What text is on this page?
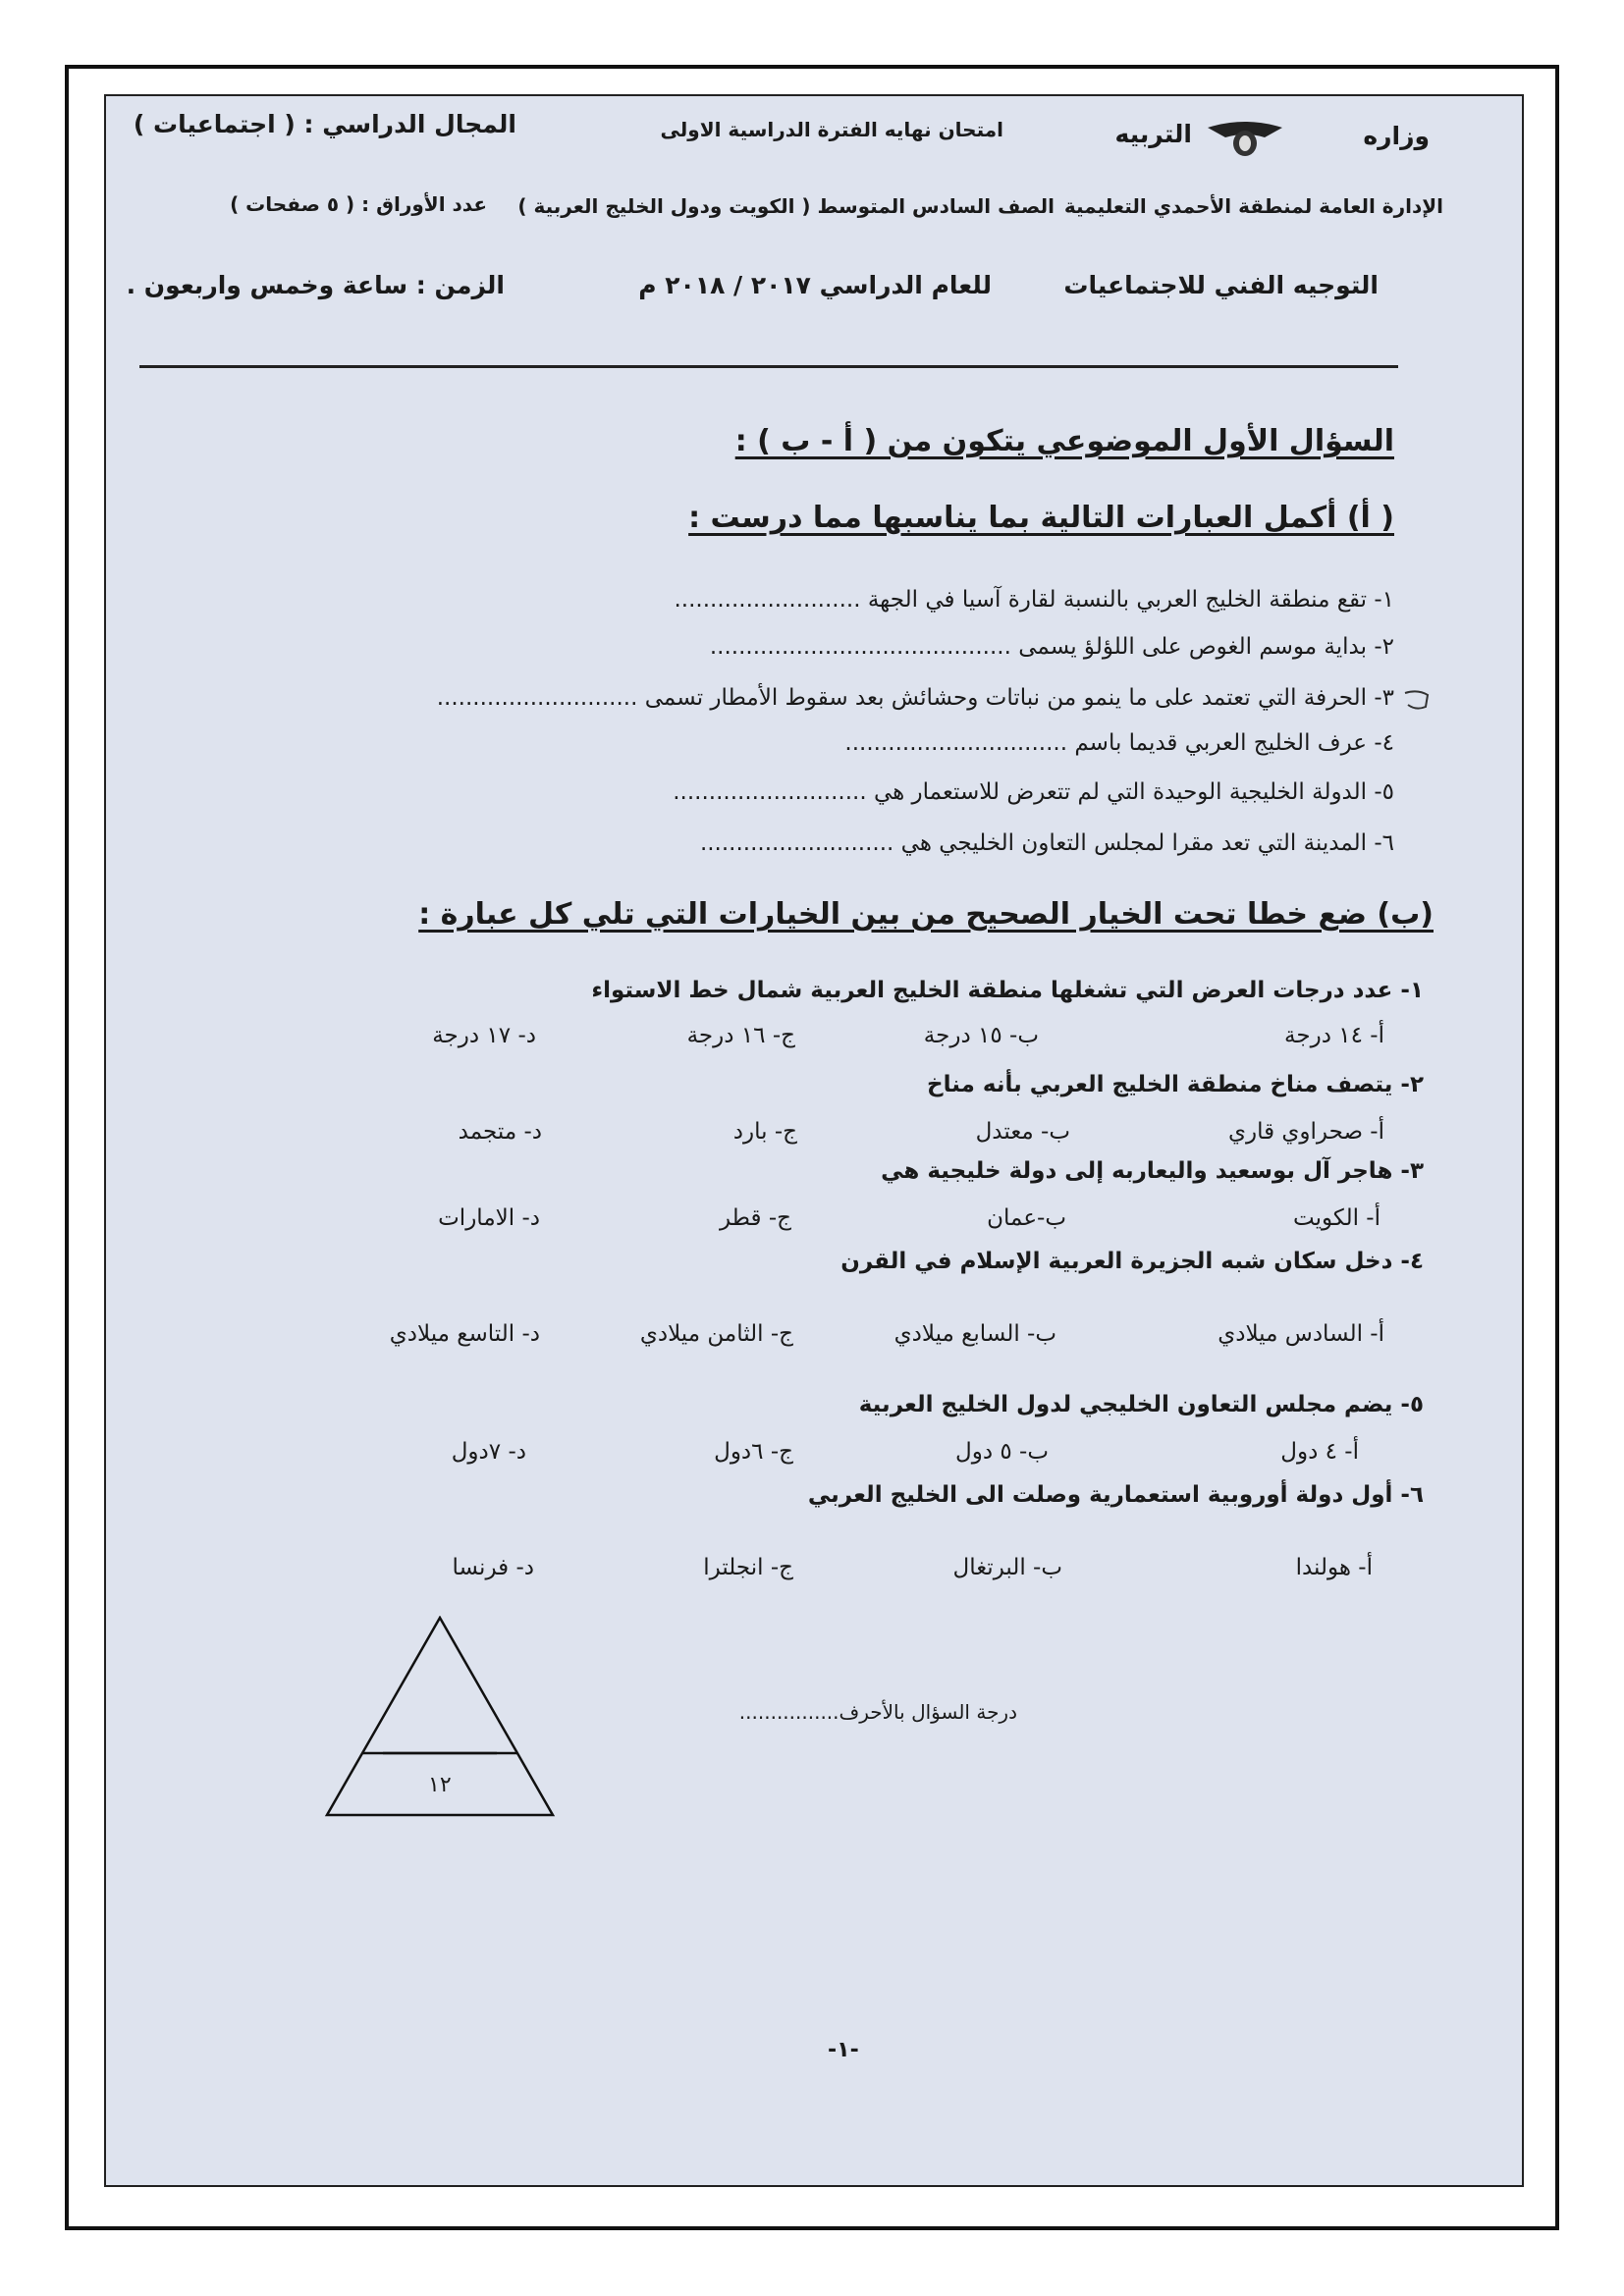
وزاره
التربيه
الإدارة العامة لمنطقة الأحمدي التعليمية
التوجيه الفني للاجتماعيات
امتحان نهايه الفترة الدراسية الاولى
الصف السادس المتوسط ( الكويت ودول الخليج العربية )
للعام الدراسي ٢٠١٧ / ٢٠١٨ م
المجال الدراسي : ( اجتماعيات )
عدد الأوراق : ( ٥ صفحات )
الزمن : ساعة وخمس واربعون .
السؤال الأول الموضوعي يتكون من ( أ - ب ) :
( أ) أكمل العبارات التالية بما يناسبها مما درست :
١- تقع منطقة الخليج العربي بالنسبة لقارة آسيا في الجهة ..........................
٢- بداية موسم الغوص على اللؤلؤ يسمى ..........................................
٣- الحرفة التي تعتمد على ما ينمو من نباتات وحشائش بعد سقوط الأمطار تسمى ............................
٤- عرف الخليج العربي قديما باسم ...............................
٥- الدولة الخليجية الوحيدة التي لم تتعرض للاستعمار هي ...........................
٦- المدينة التي تعد مقرا لمجلس التعاون الخليجي هي ...........................
(ب) ضع خطا تحت الخيار الصحيح من بين الخيارات التي تلي كل عبارة :
١- عدد درجات العرض التي تشغلها منطقة الخليج العربية شمال خط الاستواء
أ- ١٤ درجة
ب- ١٥ درجة
ج- ١٦ درجة
د- ١٧ درجة
٢- يتصف مناخ منطقة الخليج العربي بأنه مناخ
أ- صحراوي قاري
ب- معتدل
ج- بارد
د- متجمد
٣- هاجر آل بوسعيد واليعاربه إلى دولة خليجية هي
أ- الكويت
ب-عمان
ج- قطر
د- الامارات
٤- دخل سكان شبه الجزيرة العربية الإسلام في القرن
أ- السادس ميلادي
ب- السابع ميلادي
ج- الثامن ميلادي
د- التاسع ميلادي
٥- يضم مجلس التعاون الخليجي لدول الخليج العربية
أ- ٤ دول
ب- ٥ دول
ج- ٦دول
د- ٧دول
٦- أول دولة أوروبية استعمارية وصلت الى الخليج العربي
أ- هولندا
ب- البرتغال
ج- انجلترا
د- فرنسا
١٢
درجة السؤال بالأحرف................
-١-
